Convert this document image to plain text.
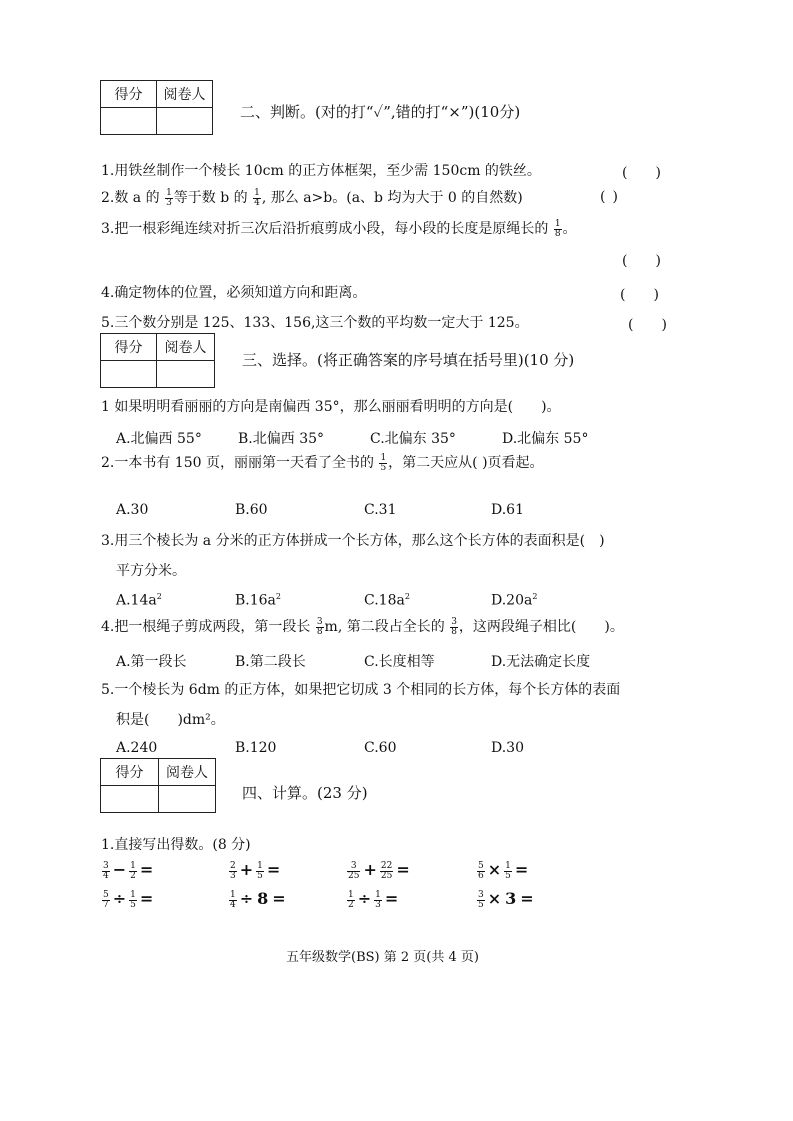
得分	阅卷人

二、判断。(对的打“✓”,错的打“×”)(10分)
1.用铁丝制作一个棱长 10cm 的正方体框架，至少需 150cm 的铁丝。	(　　)
2.数 a 的 $\frac{1}{3}$ 等于数 b 的 $\frac{1}{4}$ , 那么 a>b。(a、b 均为大于 0 的自然数)	( )
3.把一根彩绳连续对折三次后沿折痕剪成小段，每小段的长度是原绳长的 $\frac{1}{8}$ 。
(　　)
4.确定物体的位置，必须知道方向和距离。	(　　)
5.三个数分别是 125、133、156,这三个数的平均数一定大于 125。	(　　)
得分	阅卷人

三、选择。(将正确答案的序号填在括号里)(10 分)
1 如果明明看丽丽的方向是南偏西 35°，那么丽丽看明明的方向是(　　)。
A.北偏西 55°	B.北偏西 35°	C.北偏东 35°	D.北偏东 55°
2.一本书有 150 页，丽丽第一天看了全书的 $\frac{1}{5}$ ，第二天应从( )页看起。
A.30	B.60	C.31	D.61
3.用三个棱长为 a 分米的正方体拼成一个长方体，那么这个长方体的表面积是(　)
平方分米。
$A.14a^2$	$B.16a^2$	$C.18a^2$	$D.20a^2$
4.把一根绳子剪成两段，第一段长 $\frac{3}{8} m$, 第二段占全长的 $\frac{3}{8}$ ，这两段绳子相比(　　)。
A.第一段长	B.第二段长	C.长度相等	D.无法确定长度
5.一个棱长为 6dm 的正方体，如果把它切成 3 个相同的长方体，每个长方体的表面
积是(　　)dm²。
A.240	B.120	C.60	D.30
得分	阅卷人

四、计算。(23 分)
1.直接写出得数。(8 分)
$\frac{3}{4} - \frac{1}{2}$ =	$\frac{2}{3} + \frac{1}{5}$ =	$\frac{3}{25} + \frac{22}{25}$ =	$\frac{5}{6} \times \frac{1}{5}$ =
$\frac{5}{7} \div \frac{1}{5}$ =	$\frac{1}{4} \div 8$ =	$\frac{1}{2} \div \frac{1}{3}$ =	$\frac{3}{5} \times 3$ =
五年级数学(BS) 第 2 页(共 4 页)
